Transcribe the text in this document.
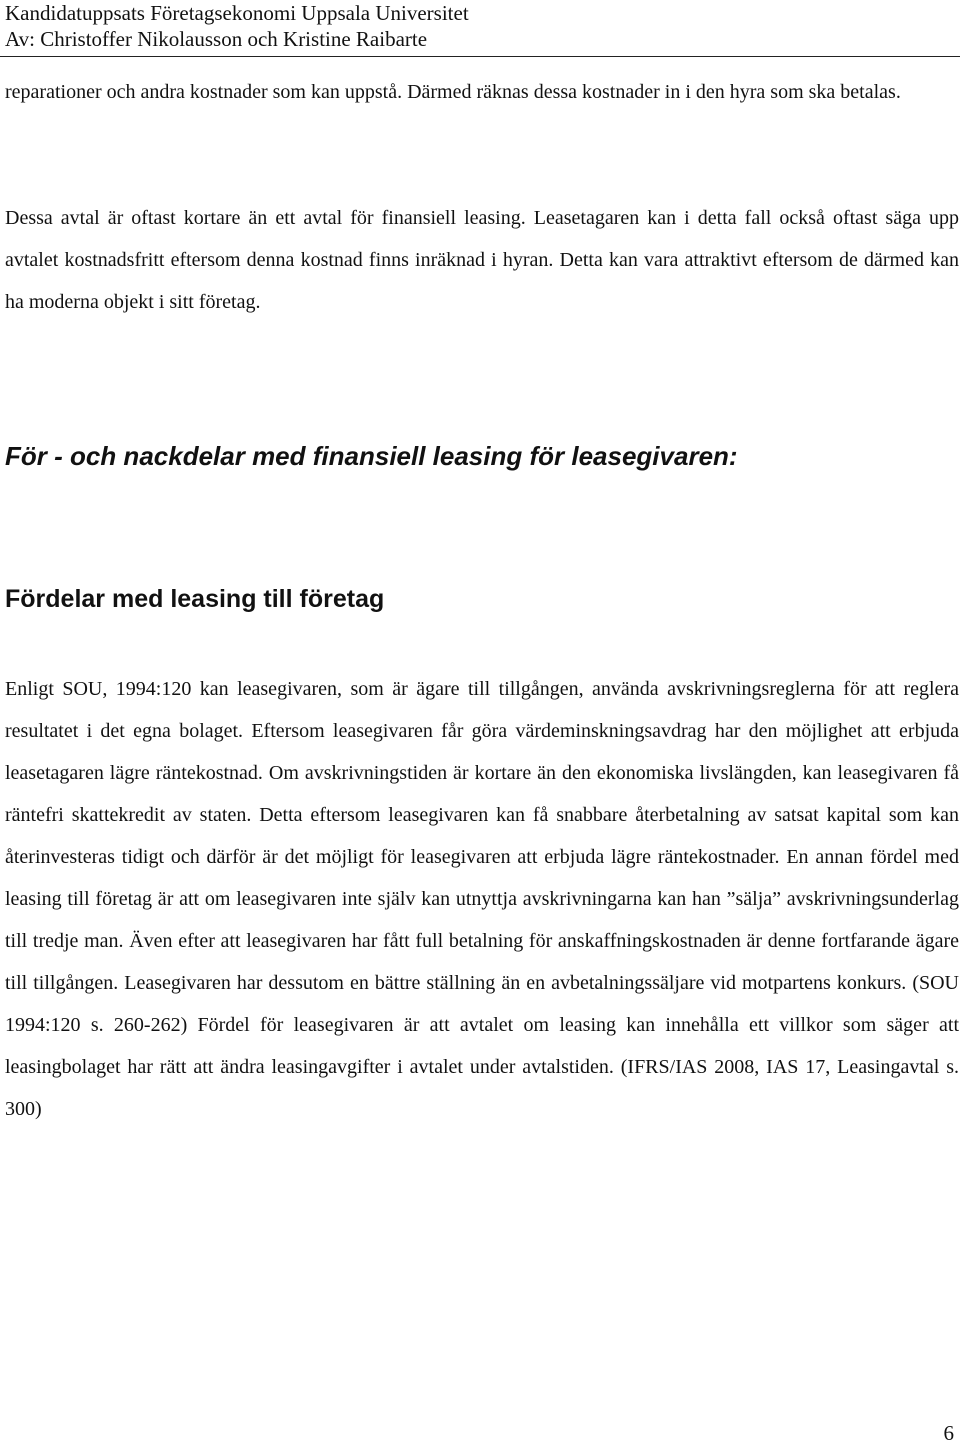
Kandidatuppsats Företagsekonomi Uppsala Universitet
Av: Christoffer Nikolausson och Kristine Raibarte

reparationer och andra kostnader som kan uppstå. Därmed räknas dessa kostnader in i den hyra som ska betalas.

Dessa avtal är oftast kortare än ett avtal för finansiell leasing. Leasetagaren kan i detta fall också oftast säga upp avtalet kostnadsfritt eftersom denna kostnad finns inräknad i hyran. Detta kan vara attraktivt eftersom de därmed kan ha moderna objekt i sitt företag.

För - och nackdelar med finansiell leasing för leasegivaren:
Fördelar med leasing till företag

Enligt SOU, 1994:120 kan leasegivaren, som är ägare till tillgången, använda avskrivningsreglerna för att reglera resultatet i det egna bolaget. Eftersom leasegivaren får göra värdeminskningsavdrag har den möjlighet att erbjuda leasetagaren lägre räntekostnad. Om avskrivningstiden är kortare än den ekonomiska livslängden, kan leasegivaren få räntefri skattekredit av staten. Detta eftersom leasegivaren kan få snabbare återbetalning av satsat kapital som kan återinvesteras tidigt och därför är det möjligt för leasegivaren att erbjuda lägre räntekostnader. En annan fördel med leasing till företag är att om leasegivaren inte själv kan utnyttja avskrivningarna kan han ”sälja” avskrivningsunderlag till tredje man. Även efter att leasegivaren har fått full betalning för anskaffningskostnaden är denne fortfarande ägare till tillgången. Leasegivaren har dessutom en bättre ställning än en avbetalningssäljare vid motpartens konkurs. (SOU 1994:120 s. 260-262) Fördel för leasegivaren är att avtalet om leasing kan innehålla ett villkor som säger att leasingbolaget har rätt att ändra leasingavgifter i avtalet under avtalstiden. (IFRS/IAS 2008, IAS 17, Leasingavtal s. 300)

6
